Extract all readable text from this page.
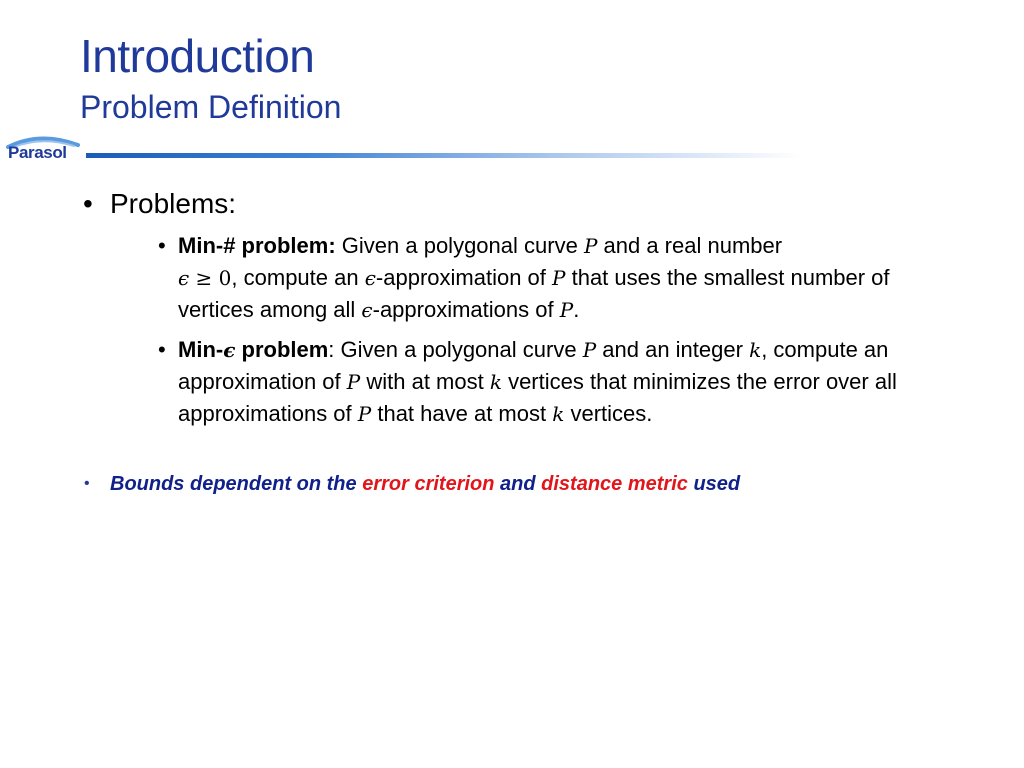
Introduction
Problem Definition
Parasol
• Problems:
• Min-# problem: Given a polygonal curve P and a real number
ϵ ≥ 0, compute an ϵ-approximation of P that uses the smallest number of vertices among all ϵ-approximations of P.
• Min-ϵ problem: Given a polygonal curve P and an integer k, compute an approximation of P with at most k vertices that minimizes the error over all approximations of P that have at most k vertices.
• Bounds dependent on the error criterion and distance metric used
